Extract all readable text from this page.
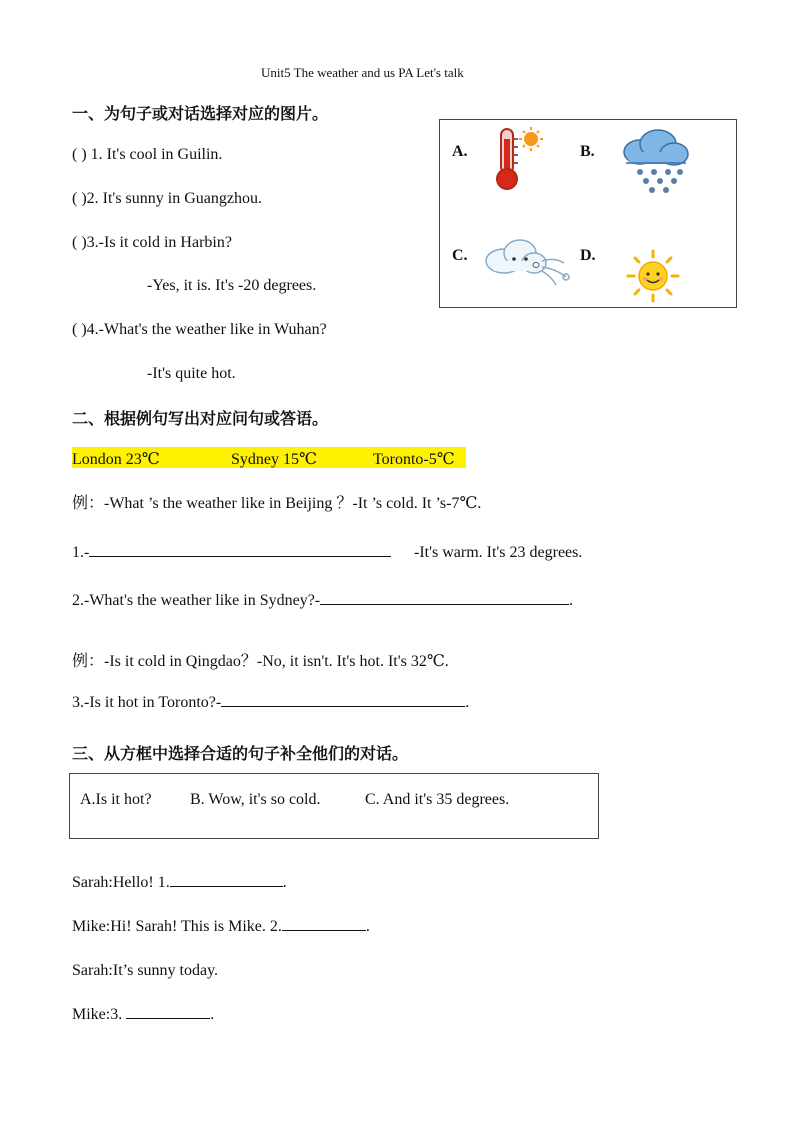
Unit5 The weather and us PA Let's talk
一、为句子或对话选择对应的图片。
( ) 1. It's cool in Guilin.
( )2. It's sunny in Guangzhou.
( )3.-Is it cold in Harbin?
-Yes, it is. It's -20 degrees.
( )4.-What's the weather like in Wuhan?
-It's quite hot.
A.	B.
C.	D.
二、根据例句写出对应问句或答语。
London 23℃	Sydney 15℃	Toronto-5℃
例：-What ’s the weather like in Beijing ？-It ’s cold. It ’s-7℃.
1.-	-It's warm. It's 23 degrees.
2.-What's the weather like in Sydney?-	.
例：-Is it cold in Qingdao？-No, it isn't. It's hot. It's 32℃.
3.-Is it hot in Toronto?-	.
三、从方框中选择合适的句子补全他们的对话。
A.Is it hot? B. Wow, it's so cold.	C. And it's 35 degrees.
Sarah:Hello! 1.	.
Mike:Hi! Sarah! This is Mike. 2.	.
Sarah:It’s sunny today.
Mike:3.	.
